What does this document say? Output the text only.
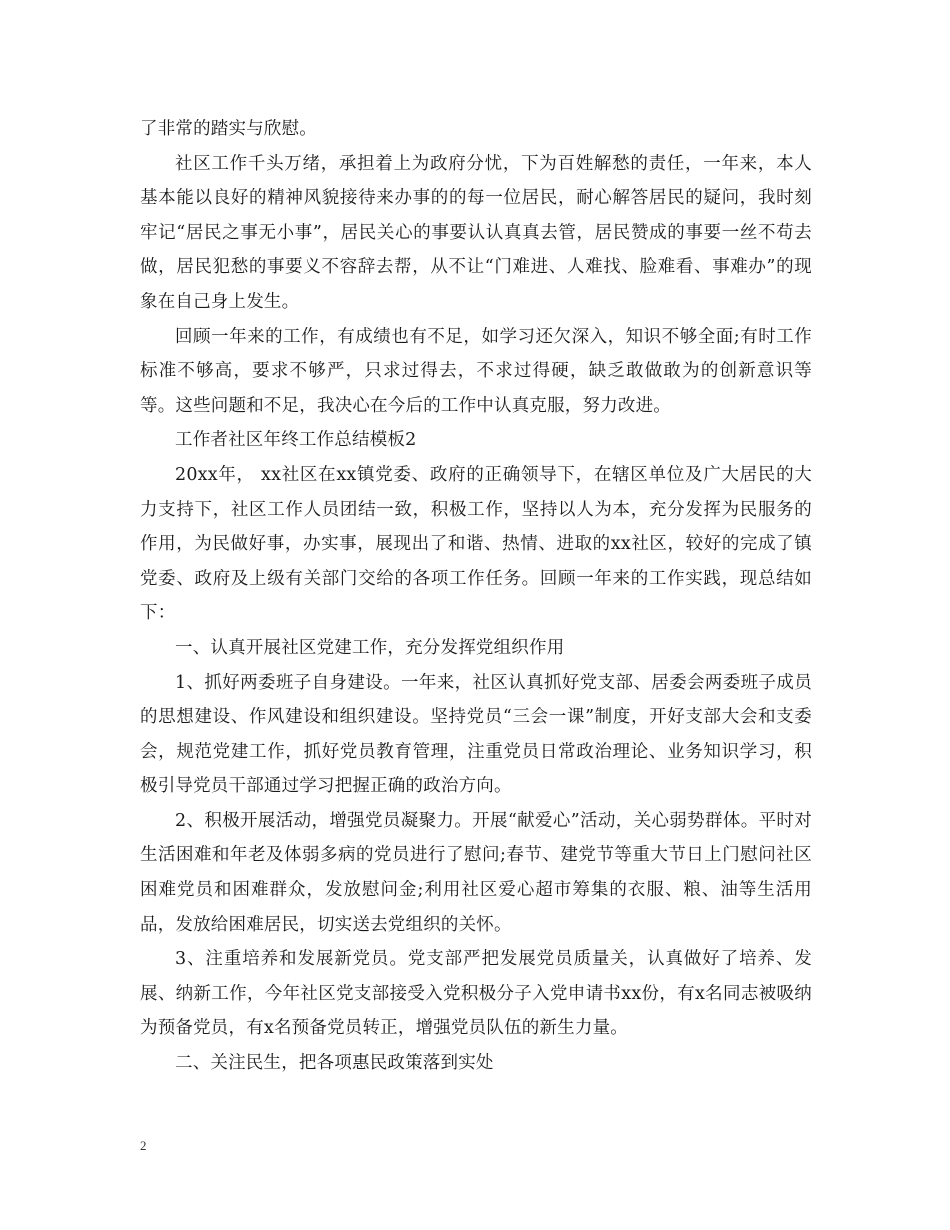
了非常的踏实与欣慰。

社区工作千头万绪，承担着上为政府分忧，下为百姓解愁的责任，一年来，本人基本能以良好的精神风貌接待来办事的的每一位居民，耐心解答居民的疑问，我时刻牢记“居民之事无小事”，居民关心的事要认认真真去管，居民赞成的事要一丝不苟去做，居民犯愁的事要义不容辞去帮，从不让“门难进、人难找、脸难看、事难办”的现象在自己身上发生。

回顾一年来的工作，有成绩也有不足，如学习还欠深入，知识不够全面;有时工作标准不够高，要求不够严，只求过得去，不求过得硬，缺乏敢做敢为的创新意识等等。这些问题和不足，我决心在今后的工作中认真克服，努力改进。

工作者社区年终工作总结模板2

20xx年， xx社区在xx镇党委、政府的正确领导下，在辖区单位及广大居民的大力支持下，社区工作人员团结一致，积极工作，坚持以人为本，充分发挥为民服务的作用，为民做好事，办实事，展现出了和谐、热情、进取的xx社区，较好的完成了镇党委、政府及上级有关部门交给的各项工作任务。回顾一年来的工作实践，现总结如下：

一、认真开展社区党建工作，充分发挥党组织作用

1、抓好两委班子自身建设。一年来，社区认真抓好党支部、居委会两委班子成员的思想建设、作风建设和组织建设。坚持党员“三会一课”制度，开好支部大会和支委会，规范党建工作，抓好党员教育管理，注重党员日常政治理论、业务知识学习，积极引导党员干部通过学习把握正确的政治方向。

2、积极开展活动，增强党员凝聚力。开展“献爱心”活动，关心弱势群体。平时对生活困难和年老及体弱多病的党员进行了慰问;春节、建党节等重大节日上门慰问社区困难党员和困难群众，发放慰问金;利用社区爱心超市筹集的衣服、粮、油等生活用品，发放给困难居民，切实送去党组织的关怀。

3、注重培养和发展新党员。党支部严把发展党员质量关，认真做好了培养、发展、纳新工作，今年社区党支部接受入党积极分子入党申请书xx份，有x名同志被吸纳为预备党员，有x名预备党员转正，增强党员队伍的新生力量。

二、关注民生，把各项惠民政策落到实处

2
